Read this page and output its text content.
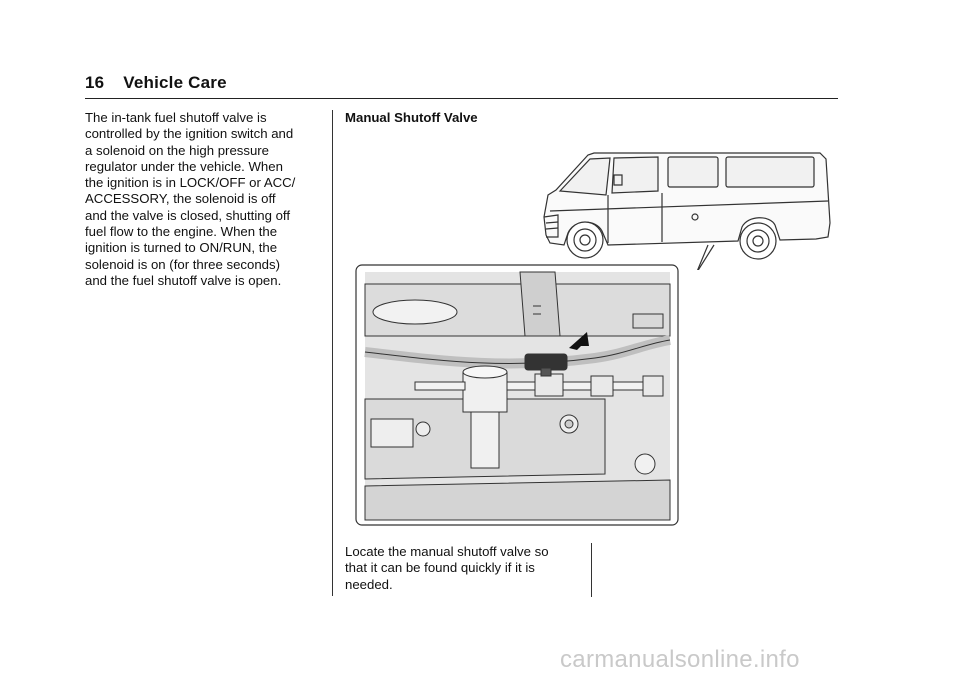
16 Vehicle Care
The in-tank fuel shutoff valve is
controlled by the ignition switch and
a solenoid on the high pressure
regulator under the vehicle. When
the ignition is in LOCK/OFF or ACC/
ACCESSORY, the solenoid is off
and the valve is closed, shutting off
fuel flow to the engine. When the
ignition is turned to ON/RUN, the
solenoid is on (for three seconds)
and the fuel shutoff valve is open.
Manual Shutoff Valve
Locate the manual shutoff valve so
that it can be found quickly if it is
needed.
carmanualsonline.info
